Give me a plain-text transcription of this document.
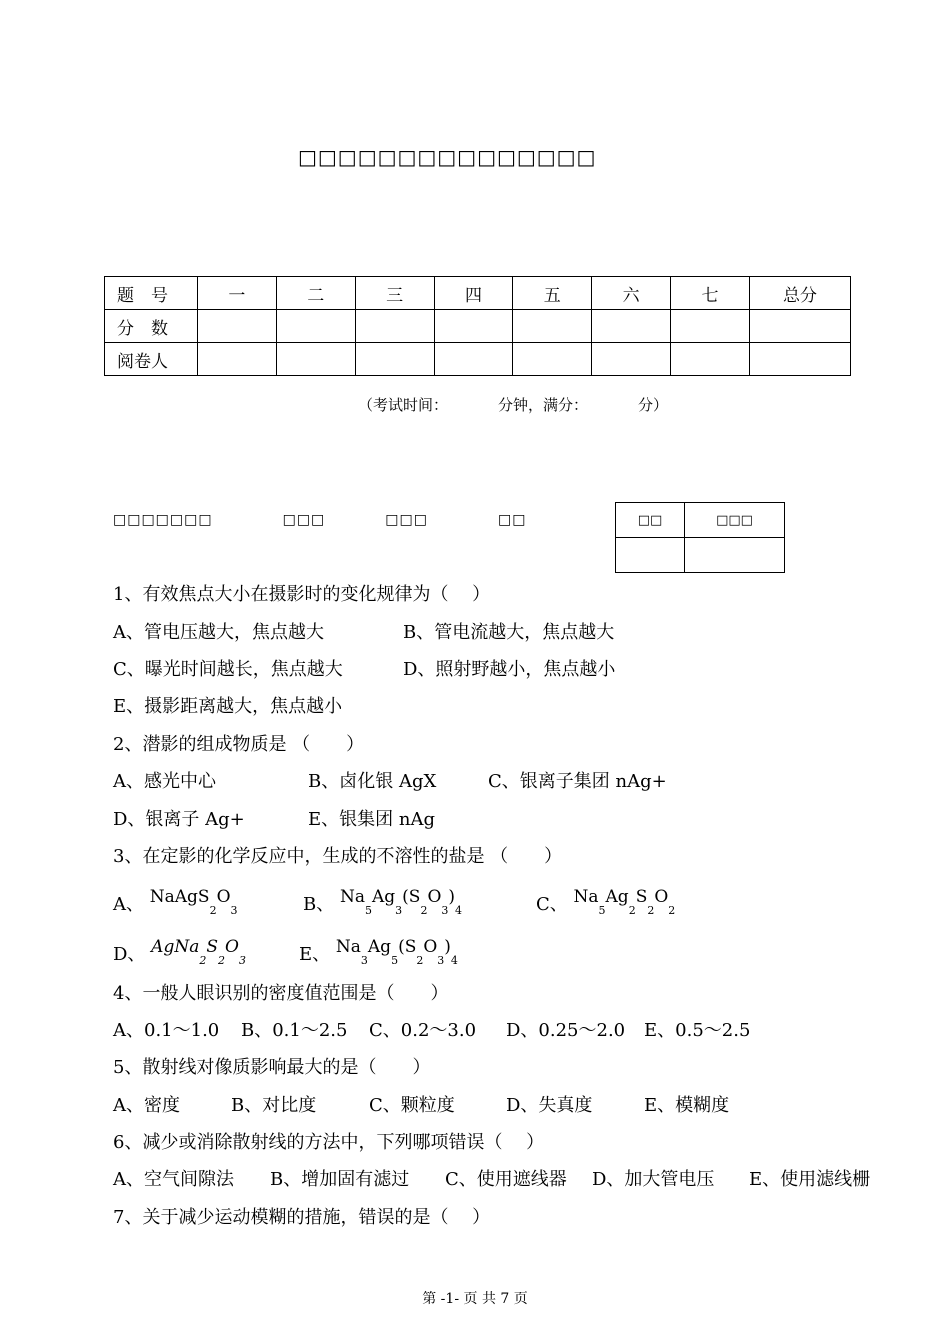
□□□□□□□□□□□□□□□
题　号	一	二	三	四	五	六	七	总分
分　数								
阅卷人								
（考试时间：	分钟，满分：	分）
□□□□□□□	□□□	□□□	□□	□□	□□□

1、有效焦点大小在摄影时的变化规律为（　 ）
A、管电压越大，焦点越大	B、管电流越大，焦点越大
C、曝光时间越长，焦点越大	D、照射野越小，焦点越小
E、摄影距离越大，焦点越小
2、潜影的组成物质是 （　　）
A、感光中心	B、卤化银 AgX	C、银离子集团 nAg+
D、银离子 Ag+	E、银集团 nAg
3、在定影的化学反应中，生成的不溶性的盐是 （　　）
A、 $NaAgS_2O_3$	B、 $Na_5Ag_3(S_2O_3)_4$	C、 $Na_5Ag_2S_2O_2$
D、 $AgNa_2S_2O_3$	E、 $Na_3Ag_5(S_2O_3)_4$
4、一般人眼识别的密度值范围是（　　）
A、0.1～1.0 B、0.1～2.5 C、0.2～3.0 D、0.25～2.0 E、0.5～2.5
5、散射线对像质影响最大的是（　　）
A、密度	B、对比度	C、颗粒度	D、失真度	E、模糊度
6、减少或消除散射线的方法中，下列哪项错误（　 ）
A、空气间隙法 B、增加固有滤过 C、使用遮线器 D、加大管电压 E、使用滤线栅
7、关于减少运动模糊的措施，错误的是（　 ）
第 -1- 页 共 7 页
